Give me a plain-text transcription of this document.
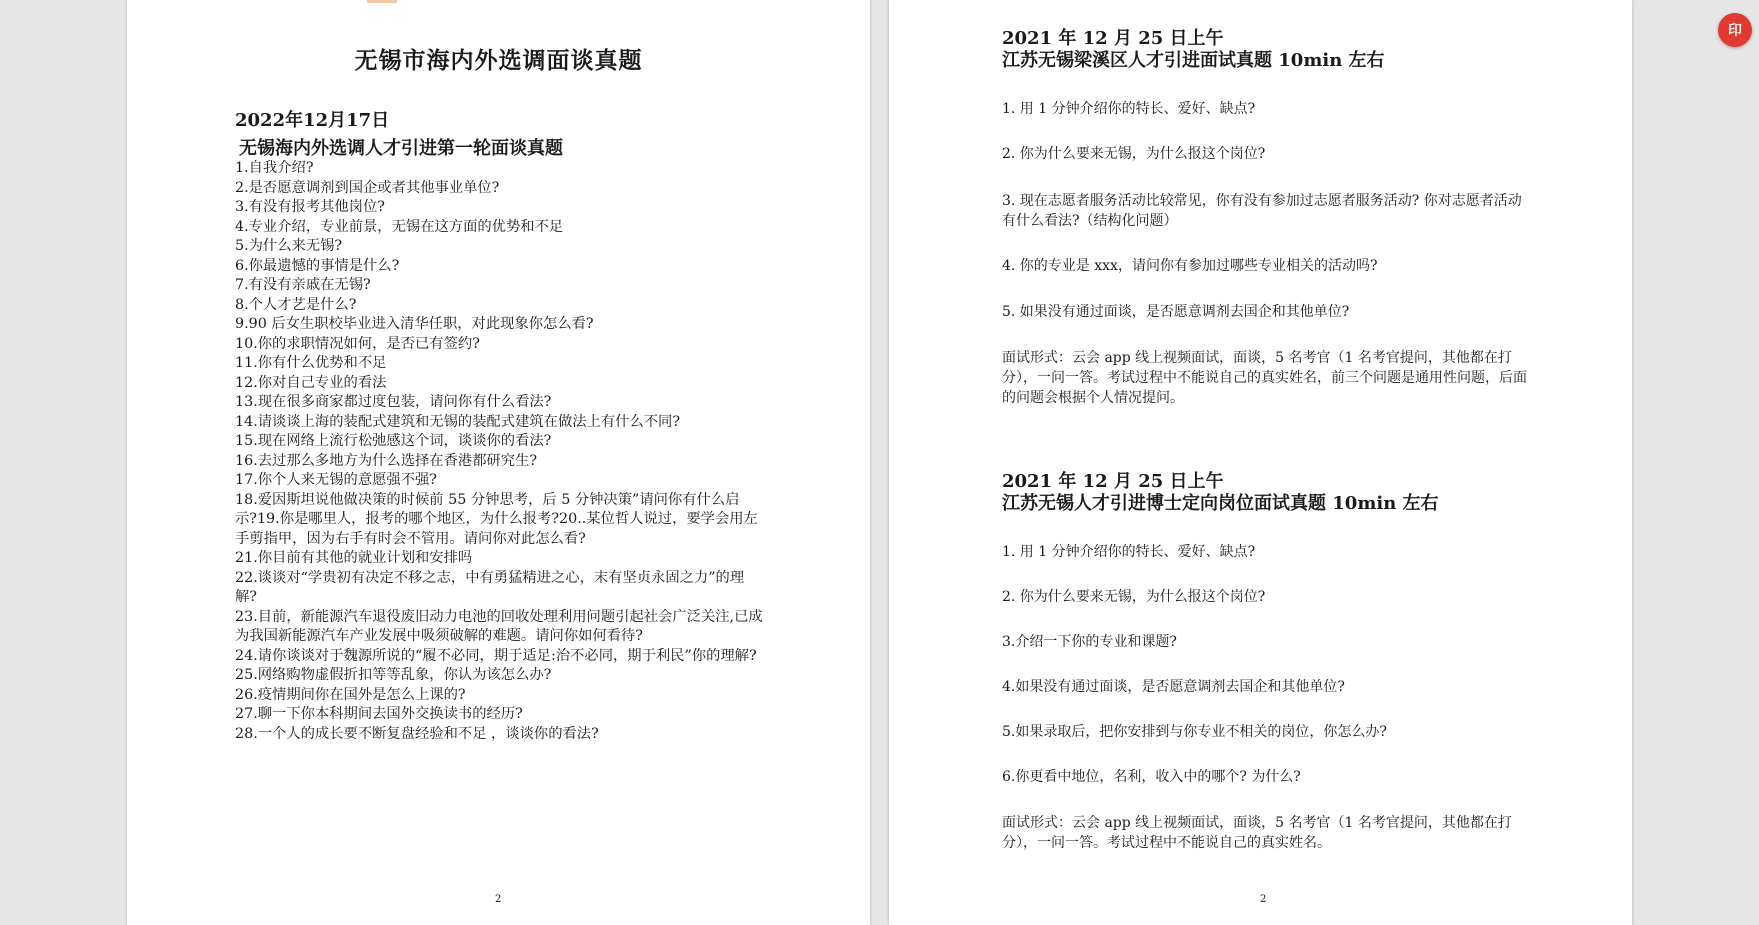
无锡市海内外选调面谈真题
2022年12月17日
无锡海内外选调人才引进第一轮面谈真题
1.自我介绍?
2.是否愿意调剂到国企或者其他事业单位?
3.有没有报考其他岗位?
4.专业介绍，专业前景，无锡在这方面的优势和不足
5.为什么来无锡?
6.你最遗憾的事情是什么?
7.有没有亲戚在无锡?
8.个人才艺是什么?
9.90 后女生职校毕业进入清华任职，对此现象你怎么看?
10.你的求职情况如何，是否已有签约?
11.你有什么优势和不足
12.你对自己专业的看法
13.现在很多商家都过度包装，请问你有什么看法?
14.请谈谈上海的装配式建筑和无锡的装配式建筑在做法上有什么不同?
15.现在网络上流行松弛感这个词，谈谈你的看法?
16.去过那么多地方为什么选择在香港都研究生?
17.你个人来无锡的意愿强不强?
18.爱因斯坦说他做决策的时候前 55 分钟思考，后 5 分钟决策”请问你有什么启
示?19.你是哪里人，报考的哪个地区，为什么报考?20..某位哲人说过，要学会用左手剪指甲，因为右手有时会不管用。请问你对此怎么看?
21.你目前有其他的就业计划和安排吗
22.谈谈对“学贵初有决定不移之志，中有勇猛精进之心，末有坚贞永固之力”的理解?
23.目前，新能源汽车退役废旧动力电池的回收处理利用问题引起社会广泛关注,已成为我国新能源汽车产业发展中吸须破解的难题。请问你如何看待?
24.请你谈谈对于魏源所说的“履不必同，期于适足:治不必同，期于利民”你的理解?
25.网络购物虚假折扣等等乱象，你认为该怎么办?
26.疫情期间你在国外是怎么上课的?
27.聊一下你本科期间去国外交换读书的经历?
28.一个人的成长要不断复盘经验和不足 ，谈谈你的看法?
2
2021 年 12 月 25 日上午
江苏无锡梁溪区人才引进面试真题 10min 左右
1. 用 1 分钟介绍你的特长、爱好、缺点?
2. 你为什么要来无锡，为什么报这个岗位?
3. 现在志愿者服务活动比较常见，你有没有参加过志愿者服务活动? 你对志愿者活动有什么看法?（结构化问题）
4. 你的专业是 xxx，请问你有参加过哪些专业相关的活动吗?
5. 如果没有通过面谈，是否愿意调剂去国企和其他单位?
面试形式：云会 app 线上视频面试，面谈，5 名考官（1 名考官提问，其他都在打分），一问一答。考试过程中不能说自己的真实姓名，前三个问题是通用性问题，后面的问题会根据个人情况提问。
2021 年 12 月 25 日上午
江苏无锡人才引进博士定向岗位面试真题 10min 左右
1. 用 1 分钟介绍你的特长、爱好、缺点?
2. 你为什么要来无锡，为什么报这个岗位?
3.介绍一下你的专业和课题?
4.如果没有通过面谈，是否愿意调剂去国企和其他单位?
5.如果录取后，把你安排到与你专业不相关的岗位，你怎么办?
6.你更看中地位，名利，收入中的哪个? 为什么?
面试形式：云会 app 线上视频面试，面谈，5 名考官（1 名考官提问，其他都在打分），一问一答。考试过程中不能说自己的真实姓名。
2
印
